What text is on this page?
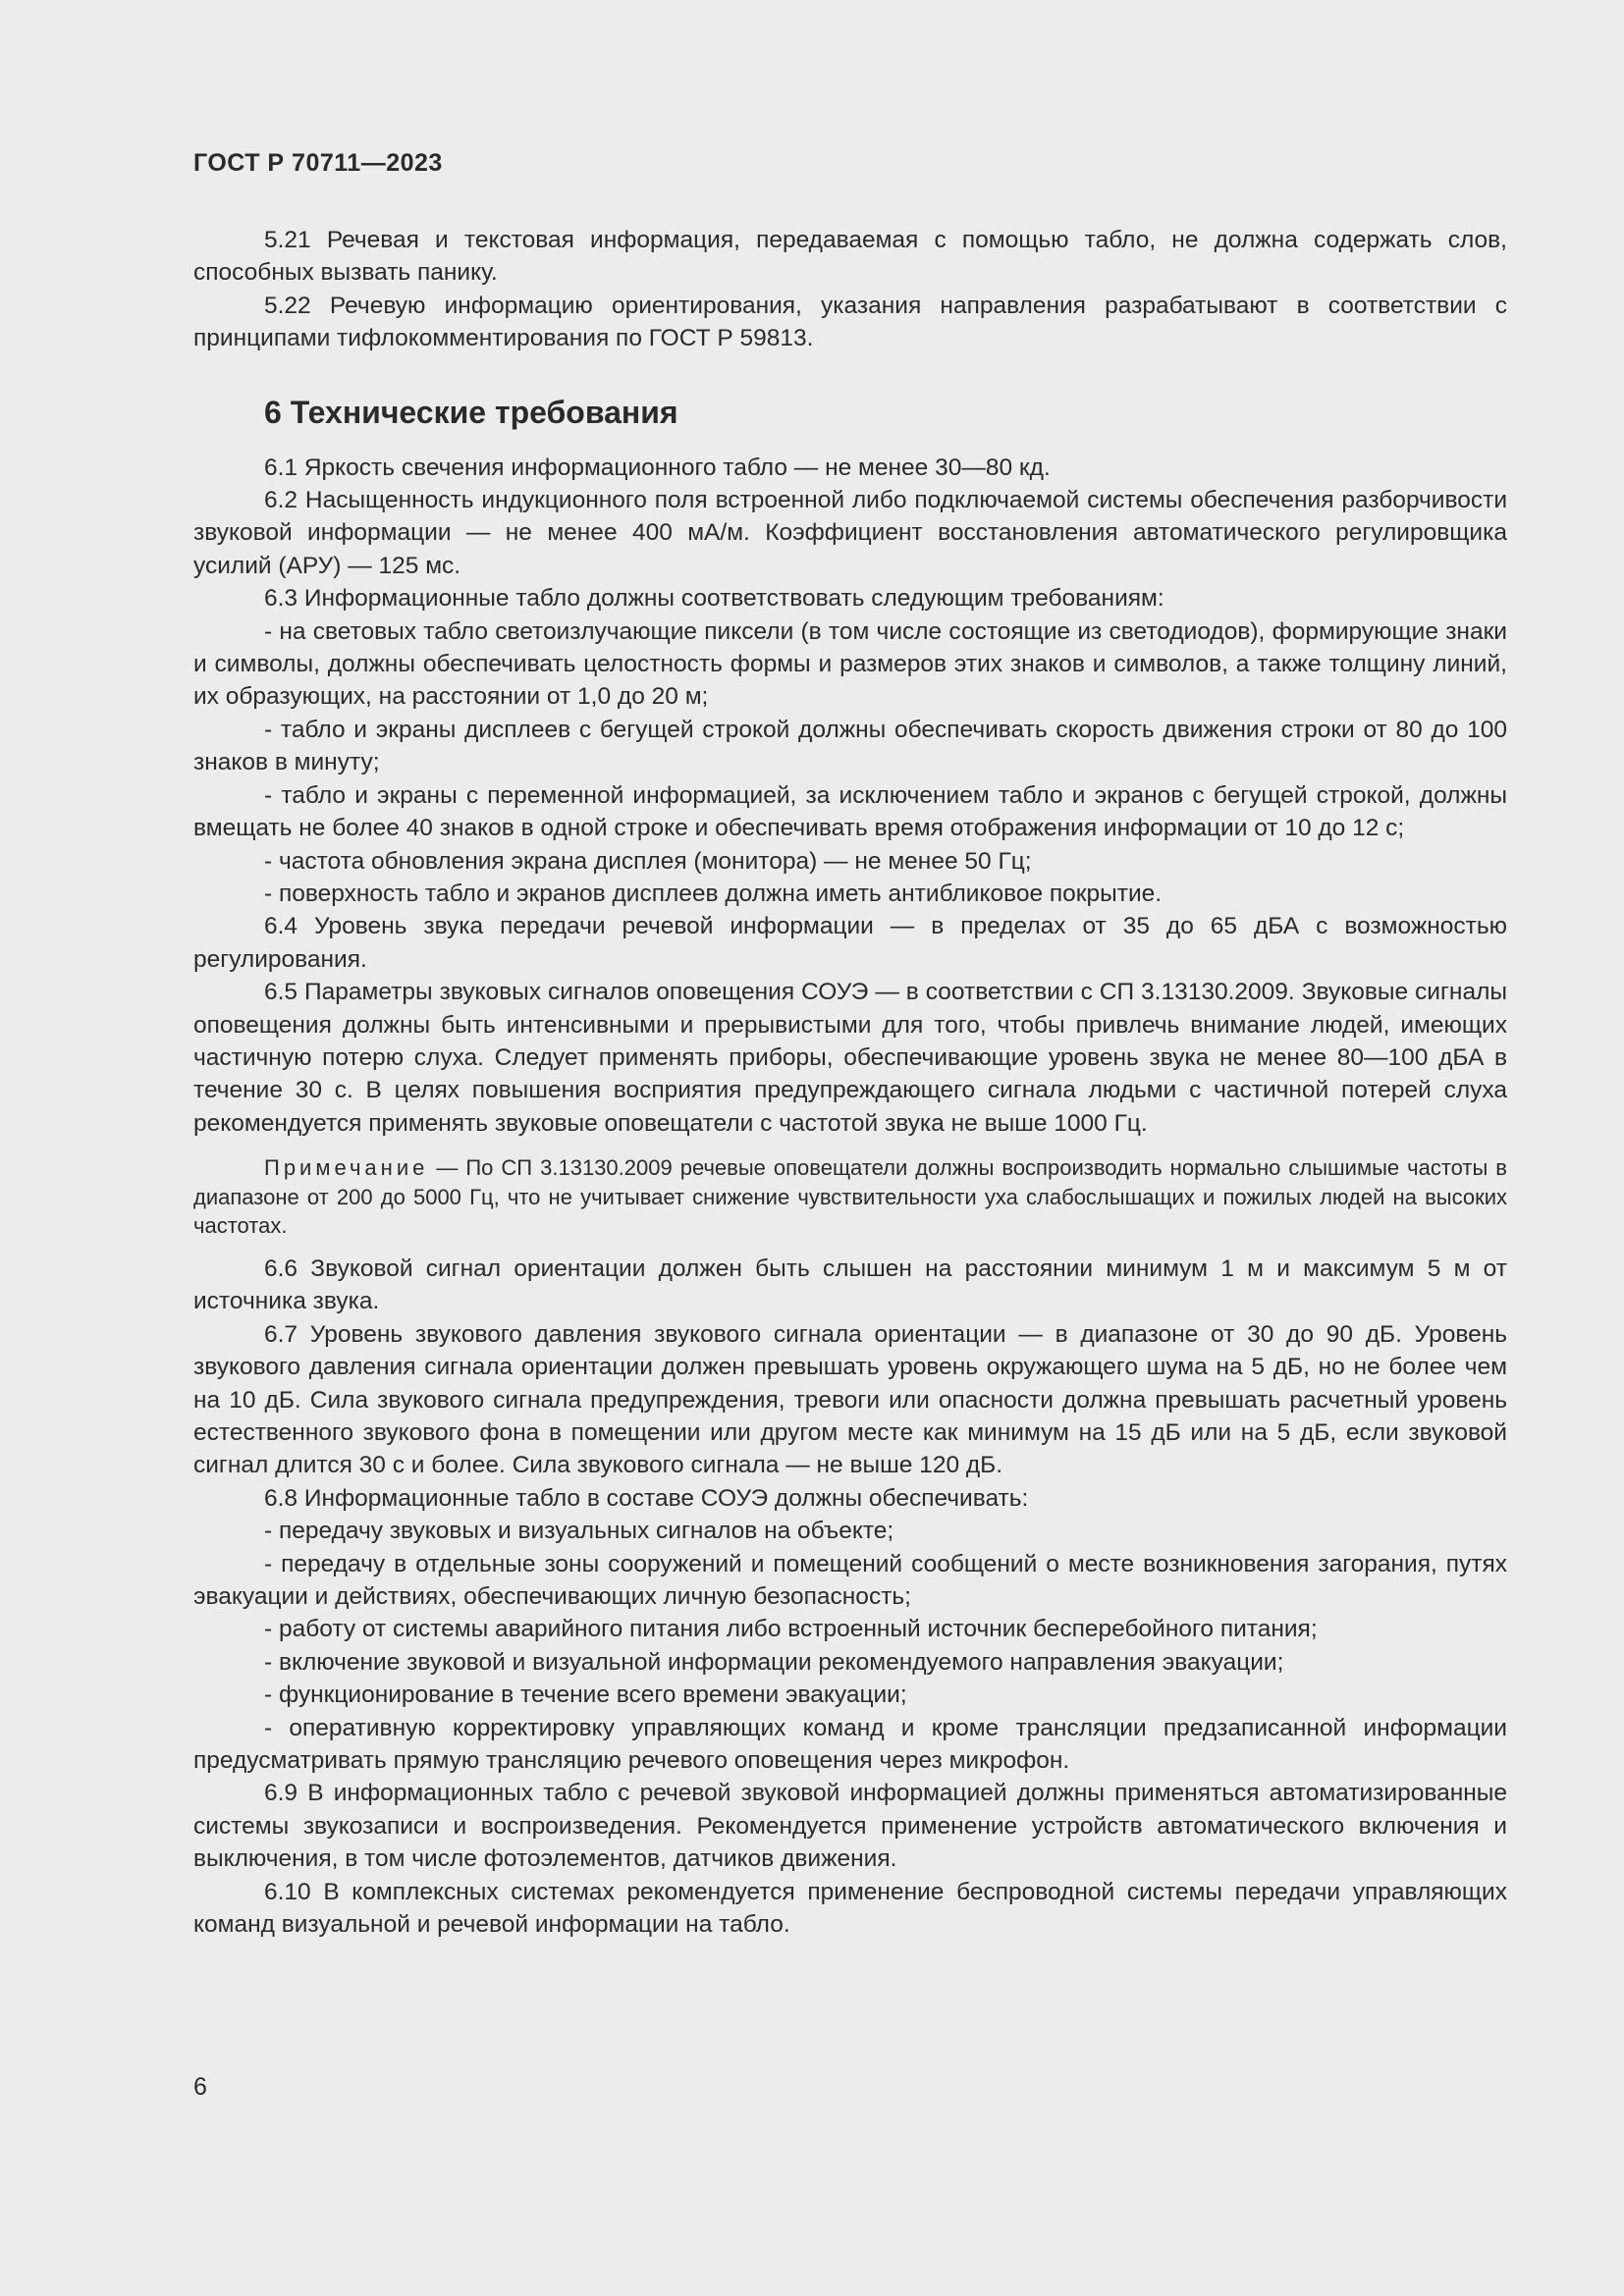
ГОСТ Р 70711—2023

5.21 Речевая и текстовая информация, передаваемая с помощью табло, не должна содержать слов, способных вызвать панику.

5.22 Речевую информацию ориентирования, указания направления разрабатывают в соответствии с принципами тифлокомментирования по ГОСТ Р 59813.

6 Технические требования

6.1 Яркость свечения информационного табло — не менее 30—80 кд.

6.2 Насыщенность индукционного поля встроенной либо подключаемой системы обеспечения разборчивости звуковой информации — не менее 400 мА/м. Коэффициент восстановления автоматического регулировщика усилий (АРУ) — 125 мс.

6.3 Информационные табло должны соответствовать следующим требованиям:

- на световых табло светоизлучающие пиксели (в том числе состоящие из светодиодов), формирующие знаки и символы, должны обеспечивать целостность формы и размеров этих знаков и символов, а также толщину линий, их образующих, на расстоянии от 1,0 до 20 м;

- табло и экраны дисплеев с бегущей строкой должны обеспечивать скорость движения строки от 80 до 100 знаков в минуту;

- табло и экраны с переменной информацией, за исключением табло и экранов с бегущей строкой, должны вмещать не более 40 знаков в одной строке и обеспечивать время отображения информации от 10 до 12 с;

- частота обновления экрана дисплея (монитора) — не менее 50 Гц;

- поверхность табло и экранов дисплеев должна иметь антибликовое покрытие.

6.4 Уровень звука передачи речевой информации — в пределах от 35 до 65 дБА с возможностью регулирования.

6.5 Параметры звуковых сигналов оповещения СОУЭ — в соответствии с СП 3.13130.2009. Звуковые сигналы оповещения должны быть интенсивными и прерывистыми для того, чтобы привлечь внимание людей, имеющих частичную потерю слуха. Следует применять приборы, обеспечивающие уровень звука не менее 80—100 дБА в течение 30 с. В целях повышения восприятия предупреждающего сигнала людьми с частичной потерей слуха рекомендуется применять звуковые оповещатели с частотой звука не выше 1000 Гц.

Примечание — По СП 3.13130.2009 речевые оповещатели должны воспроизводить нормально слышимые частоты в диапазоне от 200 до 5000 Гц, что не учитывает снижение чувствительности уха слабослышащих и пожилых людей на высоких частотах.

6.6 Звуковой сигнал ориентации должен быть слышен на расстоянии минимум 1 м и максимум 5 м от источника звука.

6.7 Уровень звукового давления звукового сигнала ориентации — в диапазоне от 30 до 90 дБ. Уровень звукового давления сигнала ориентации должен превышать уровень окружающего шума на 5 дБ, но не более чем на 10 дБ. Сила звукового сигнала предупреждения, тревоги или опасности должна превышать расчетный уровень естественного звукового фона в помещении или другом месте как минимум на 15 дБ или на 5 дБ, если звуковой сигнал длится 30 с и более. Сила звукового сигнала — не выше 120 дБ.

6.8 Информационные табло в составе СОУЭ должны обеспечивать:

- передачу звуковых и визуальных сигналов на объекте;

- передачу в отдельные зоны сооружений и помещений сообщений о месте возникновения загорания, путях эвакуации и действиях, обеспечивающих личную безопасность;

- работу от системы аварийного питания либо встроенный источник бесперебойного питания;

- включение звуковой и визуальной информации рекомендуемого направления эвакуации;

- функционирование в течение всего времени эвакуации;

- оперативную корректировку управляющих команд и кроме трансляции предзаписанной информации предусматривать прямую трансляцию речевого оповещения через микрофон.

6.9 В информационных табло с речевой звуковой информацией должны применяться автоматизированные системы звукозаписи и воспроизведения. Рекомендуется применение устройств автоматического включения и выключения, в том числе фотоэлементов, датчиков движения.

6.10 В комплексных системах рекомендуется применение беспроводной системы передачи управляющих команд визуальной и речевой информации на табло.

6
